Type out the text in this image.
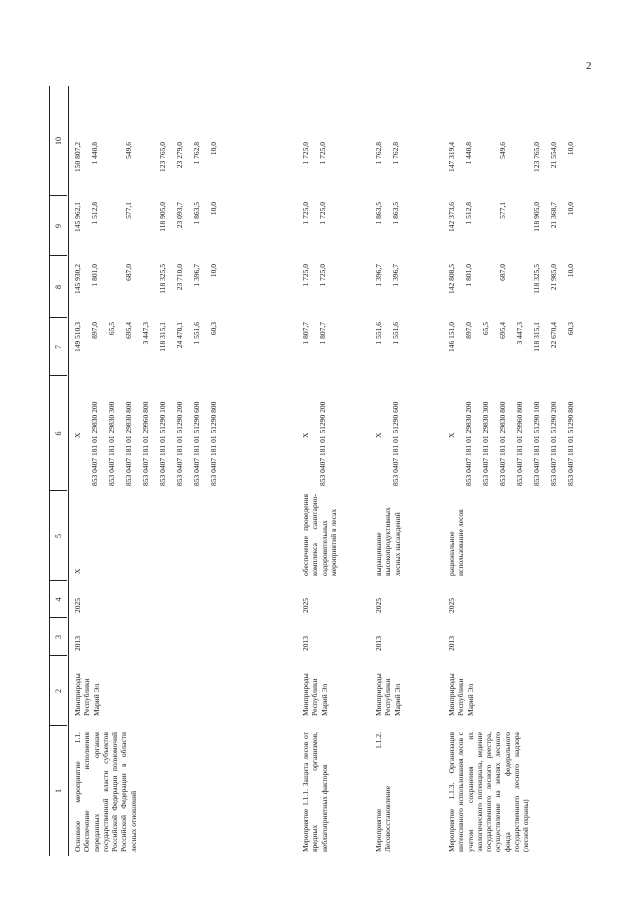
2
1
2
3
4
5
6
7
8
9
10
Основное мероприятие 1.1. Обеспечение исполнения переданных органам государственной власти субъектов Российской Федерации полномочий Российской Федерации в области лесных отношений
Минприроды Республики Марий Эл
2013
2025
X
X
149 510,3
145 930,2
145 962,1
150 807,2
853 0407 181 01 29830 200
897,0
1 801,0
1 512,8
1 440,8
853 0407 181 01 29830 300
65,5
853 0407 181 01 29830 800
695,4
687,0
577,1
549,6
853 0407 181 01 29960 800
3 447,3
853 0407 181 01 51290 100
118 315,1
118 325,5
118 905,0
123 765,0
853 0407 181 01 51290 200
24 478,1
23 710,0
23 093,7
23 279,0
853 0407 181 01 51290 600
1 551,6
1 396,7
1 863,5
1 762,8
853 0407 181 01 51290 800
60,3
10,0
10,0
10,0
Мероприятие 1.1.1. Защита лесов от вредных организмов, неблагоприятных факторов
Минприроды Республики Марий Эл
2013
2025
обеспечение проведения комплекса санитарно-оздоровительных мероприятий в лесах
X
1 807,7
1 725,0
1 725,0
1 725,0
853 0407 181 01 51290 200
1 807,7
1 725,0
1 725,0
1 725,0
Мероприятие 1.1.2. Лесовосстановление
Минприроды Республики Марий Эл
2013
2025
выращивание высокопродуктивных лесных насаждений
X
1 551,6
1 396,7
1 863,5
1 762,8
853 0407 181 01 51290 600
1 551,6
1 396,7
1 863,5
1 762,8
Мероприятие 1.1.3. Организация интенсивного использования лесов с учетом сохранения их экологического потенциала, ведение государственного лесного реестра, осуществление на землях лесного фонда федерального государственного лесного надзора (лесной охраны)
Минприроды Республики Марий Эл
2013
2025
рациональное использование лесов
X
146 151,0
142 808,5
142 373,6
147 319,4
853 0407 181 01 29830 200
897,0
1 801,0
1 512,8
1 440,8
853 0407 181 01 29830 300
65,5
853 0407 181 01 29830 800
695,4
687,0
577,1
549,6
853 0407 181 01 29960 800
3 447,3
853 0407 181 01 51290 100
118 315,1
118 325,5
118 905,0
123 765,0
853 0407 181 01 51290 200
22 670,4
21 985,0
21 368,7
21 554,0
853 0407 181 01 51290 800
60,3
10,0
10,0
10,0
